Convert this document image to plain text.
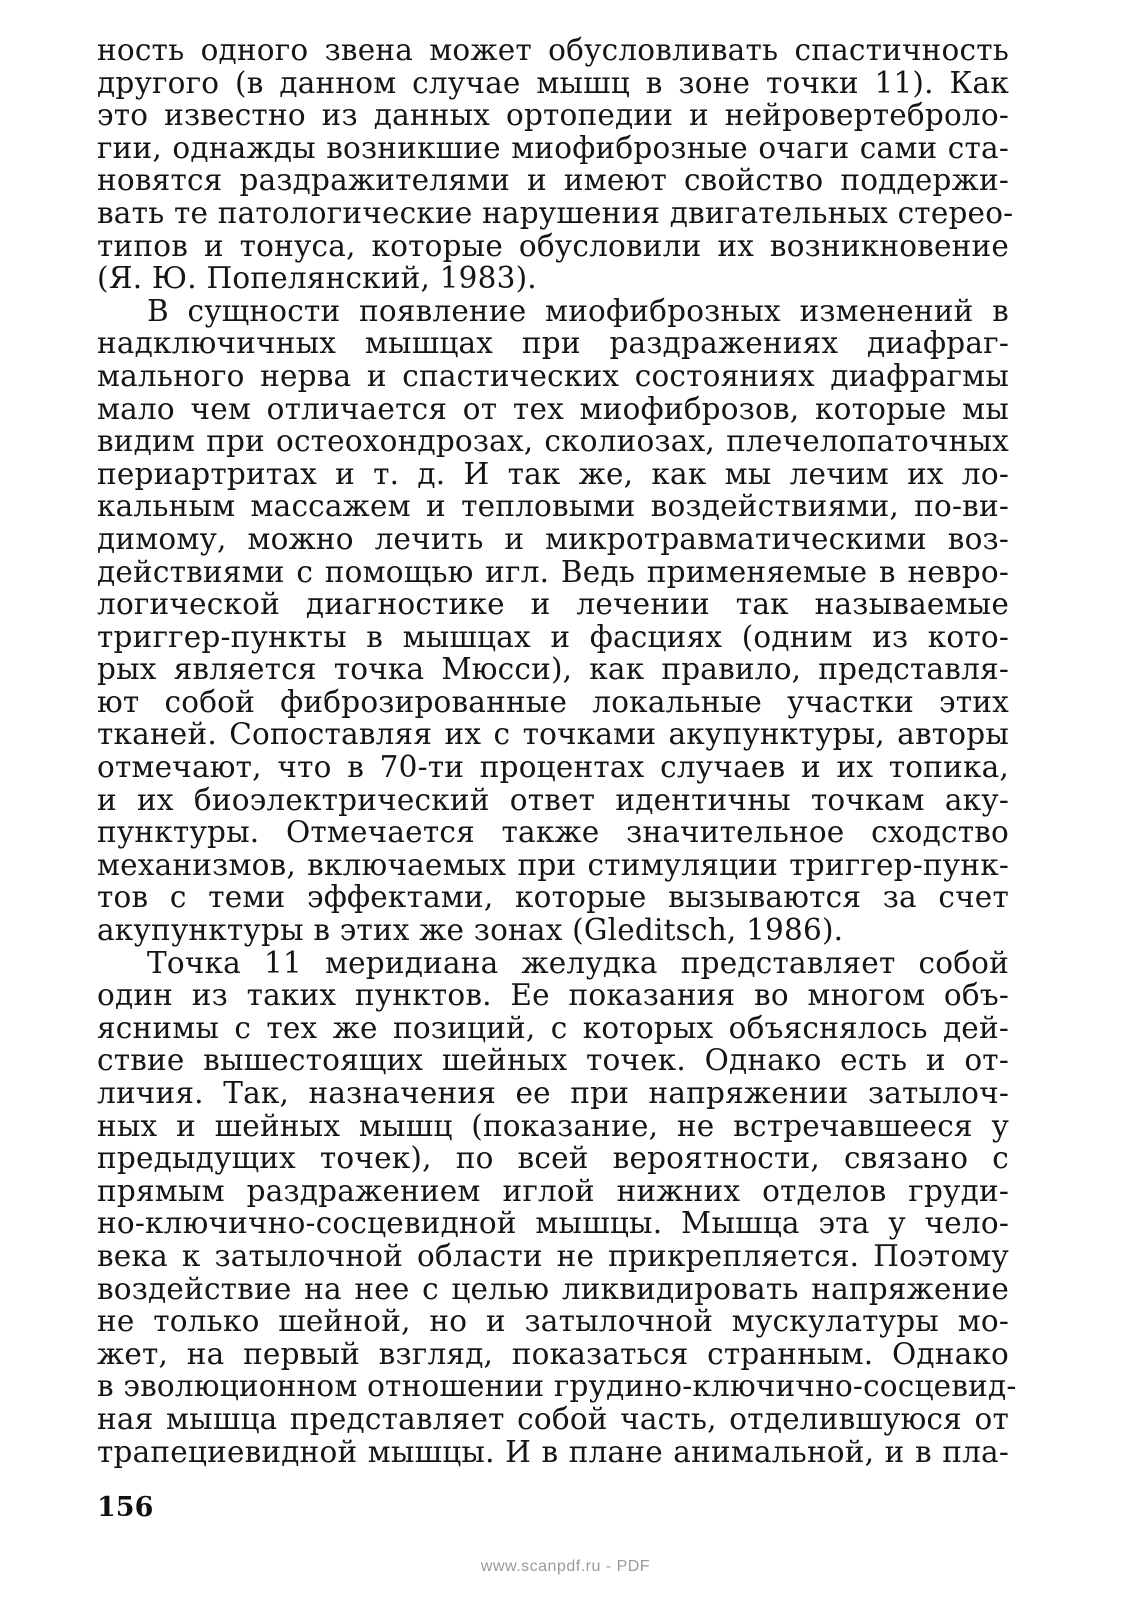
ность одного звена может обусловливать спастичность
другого (в данном случае мышц в зоне точки 11). Как
это известно из данных ортопедии и нейровертеброло-
гии, однажды возникшие миофиброзные очаги сами ста-
новятся раздражителями и имеют свойство поддержи-
вать те патологические нарушения двигательных стерео-
типов и тонуса, которые обусловили их возникновение
(Я. Ю. Попелянский, 1983).
В сущности появление миофиброзных изменений в
надключичных мышцах при раздражениях диафраг-
мального нерва и спастических состояниях диафрагмы
мало чем отличается от тех миофиброзов, которые мы
видим при остеохондрозах, сколиозах, плечелопаточных
периартритах и т. д. И так же, как мы лечим их ло-
кальным массажем и тепловыми воздействиями, по-ви-
димому, можно лечить и микротравматическими воз-
действиями с помощью игл. Ведь применяемые в невро-
логической диагностике и лечении так называемые
триггер-пункты в мышцах и фасциях (одним из кото-
рых является точка Мюсси), как правило, представля-
ют собой фиброзированные локальные участки этих
тканей. Сопоставляя их с точками акупунктуры, авторы
отмечают, что в 70-ти процентах случаев и их топика,
и их биоэлектрический ответ идентичны точкам аку-
пунктуры. Отмечается также значительное сходство
механизмов, включаемых при стимуляции триггер-пунк-
тов с теми эффектами, которые вызываются за счет
акупунктуры в этих же зонах (Gleditsch, 1986).
Точка 11 меридиана желудка представляет собой
один из таких пунктов. Ее показания во многом объ-
яснимы с тех же позиций, с которых объяснялось дей-
ствие вышестоящих шейных точек. Однако есть и от-
личия. Так, назначения ее при напряжении затылоч-
ных и шейных мышц (показание, не встречавшееся у
предыдущих точек), по всей вероятности, связано с
прямым раздражением иглой нижних отделов груди-
но-ключично-сосцевидной мышцы. Мышца эта у чело-
века к затылочной области не прикрепляется. Поэтому
воздействие на нее с целью ликвидировать напряжение
не только шейной, но и затылочной мускулатуры мо-
жет, на первый взгляд, показаться странным. Однако
в эволюционном отношении грудино-ключично-сосцевид-
ная мышца представляет собой часть, отделившуюся от
трапециевидной мышцы. И в плане анимальной, и в пла-
156
www.scanpdf.ru - PDF
